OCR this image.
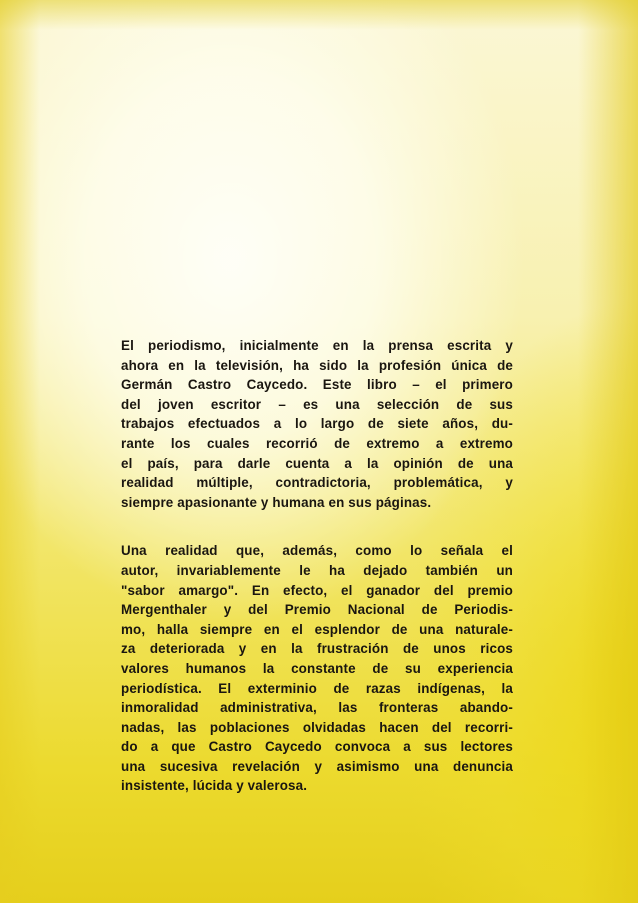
El periodismo, inicialmente en la prensa escrita y

ahora en la televisión, ha sido la profesión única de

Germán Castro Caycedo. Este libro – el primero

del joven escritor – es una selección de sus

trabajos efectuados a lo largo de siete años, du-

rante los cuales recorrió de extremo a extremo

el país, para darle cuenta a la opinión de una

realidad múltiple, contradictoria, problemática, y

siempre apasionante y humana en sus páginas.

Una realidad que, además, como lo señala el

autor, invariablemente le ha dejado también un

"sabor amargo". En efecto, el ganador del premio

Mergenthaler y del Premio Nacional de Periodis-

mo, halla siempre en el esplendor de una naturale-

za deteriorada y en la frustración de unos ricos

valores humanos la constante de su experiencia

periodística. El exterminio de razas indígenas, la

inmoralidad administrativa, las fronteras abando-

nadas, las poblaciones olvidadas hacen del recorri-

do a que Castro Caycedo convoca a sus lectores

una sucesiva revelación y asimismo una denuncia

insistente, lúcida y valerosa.
